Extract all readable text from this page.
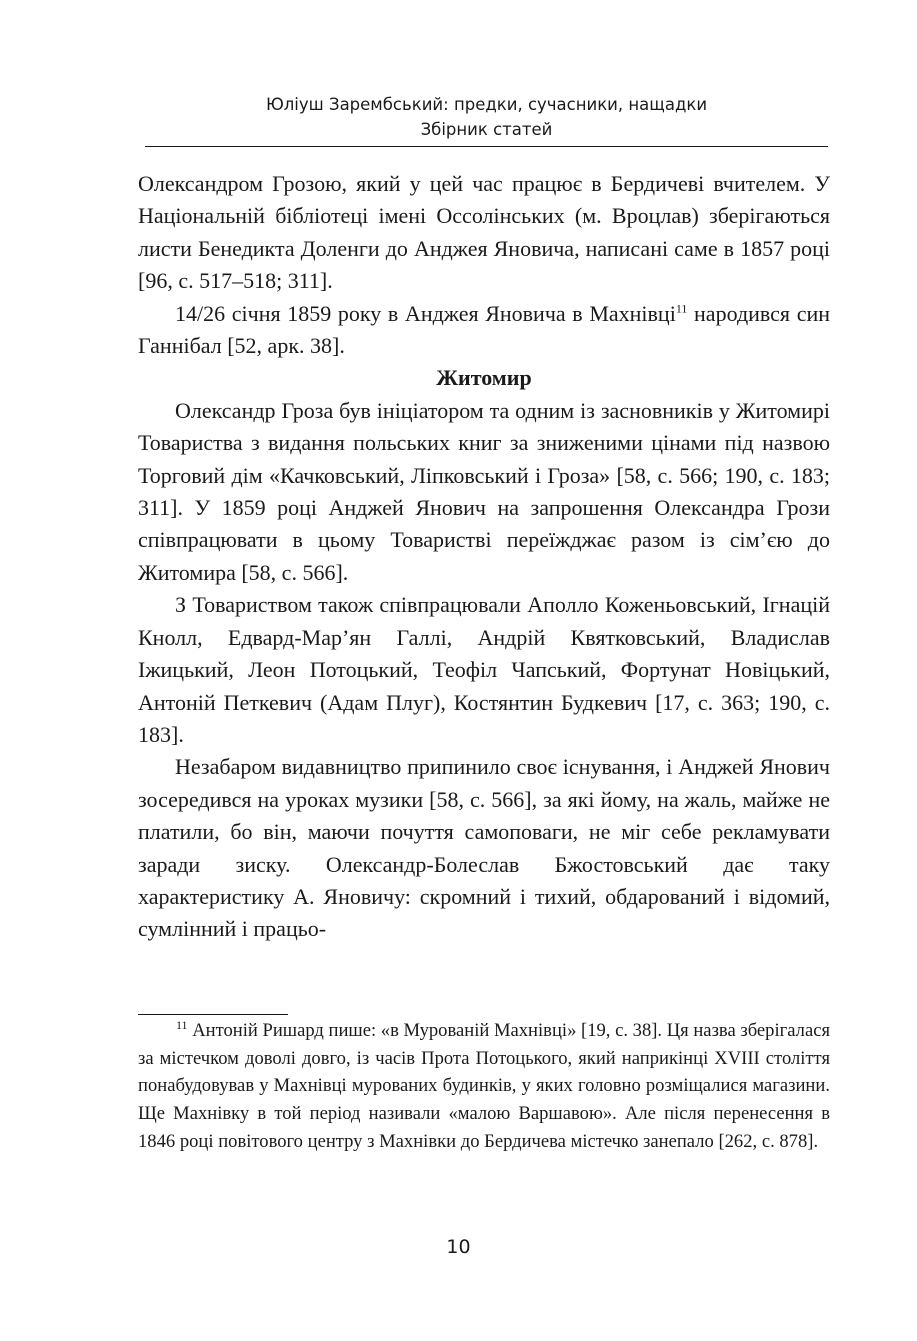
Юліуш Зарембський: предки, сучасники, нащадки
Збірник статей

Олександром Грозою, який у цей час працює в Бердичеві вчителем. У Національній бібліотеці імені Оссолінських (м. Вроцлав) зберігаються листи Бенедикта Доленги до Анджея Яновича, написані саме в 1857 році [96, с. 517–518; 311].

14/26 січня 1859 року в Анджея Яновича в Махнівці$^{11}$ народився син Ганнібал [52, арк. 38].

Житомир

Олександр Гроза був ініціатором та одним із засновників у Житомирі Товариства з видання польських книг за зниженими цінами під назвою Торговий дім «Качковський, Ліпковський і Гроза» [58, с. 566; 190, с. 183; 311]. У 1859 році Анджей Янович на запрошення Олександра Грози співпрацювати в цьому Товаристві переїжджає разом із сім’єю до Житомира [58, с. 566].

З Товариством також співпрацювали Аполло Коженьовський, Ігнацій Кнолл, Едвард-Мар’ян Галлі, Андрій Квятковський, Владислав Іжицький, Леон Потоцький, Теофіл Чапський, Фортунат Новіцький, Антоній Петкевич (Адам Плуг), Костянтин Будкевич [17, с. 363; 190, с. 183].

Незабаром видавництво припинило своє існування, і Анджей Янович зосередився на уроках музики [58, с. 566], за які йому, на жаль, майже не платили, бо він, маючи почуття самоповаги, не міг себе рекламувати заради зиску. Олександр-Болеслав Бжостовський дає таку характеристику А. Яновичу: скромний і тихий, обдарований і відомий, сумлінний і працьо-

$^{11}$ Антоній Ришард пише: «в Мурованій Махнівці» [19, с. 38]. Ця назва зберігалася за містечком доволі довго, із часів Прота Потоцького, який наприкінці XVIII століття понабудовував у Махнівці мурованих будинків, у яких головно розміщалися магазини. Ще Махнівку в той період називали «малою Варшавою». Але після перенесення в 1846 році повітового центру з Махнівки до Бердичева містечко занепало [262, с. 878].

10
